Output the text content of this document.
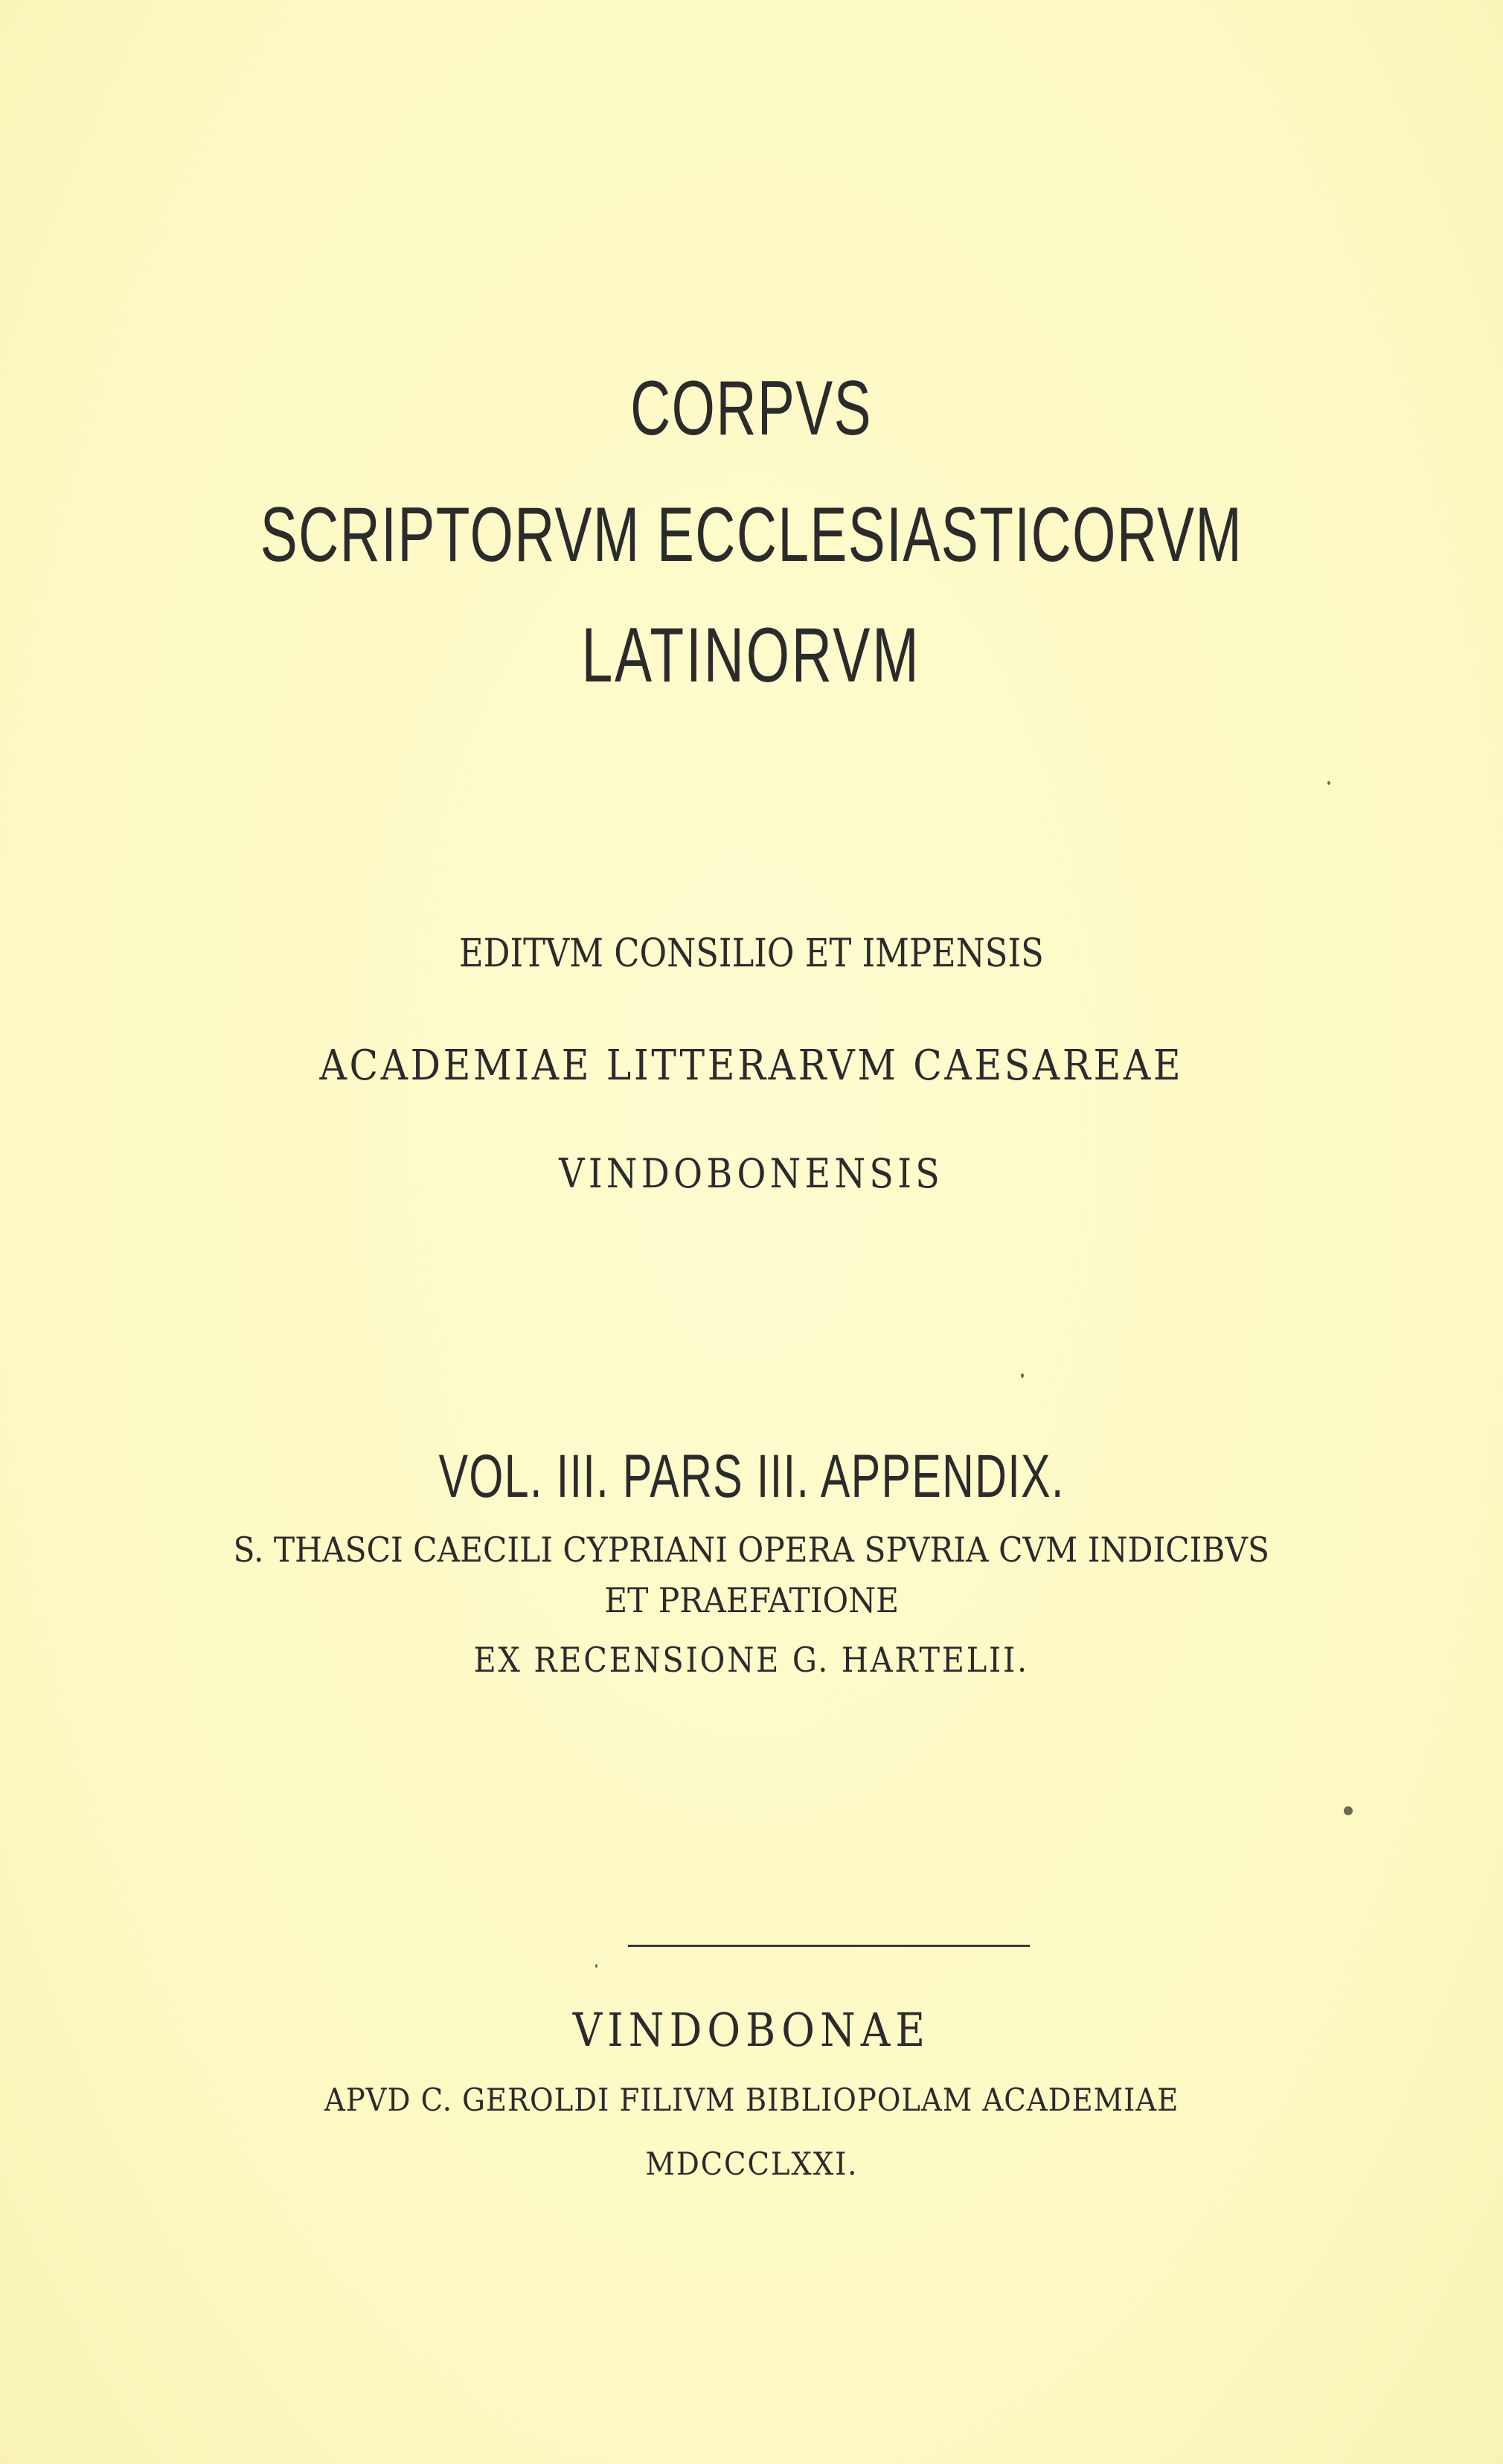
CORPVS
SCRIPTORVM ECCLESIASTICORVM
LATINORVM
EDITVM CONSILIO ET IMPENSIS
ACADEMIAE LITTERARVM CAESAREAE
VINDOBONENSIS
VOL. III. PARS III. APPENDIX.
S. THASCI CAECILI CYPRIANI OPERA SPVRIA CVM INDICIBVS
ET PRAEFATIONE
EX RECENSIONE G. HARTELII.
VINDOBONAE
APVD C. GEROLDI FILIVM BIBLIOPOLAM ACADEMIAE
MDCCCLXXI.
